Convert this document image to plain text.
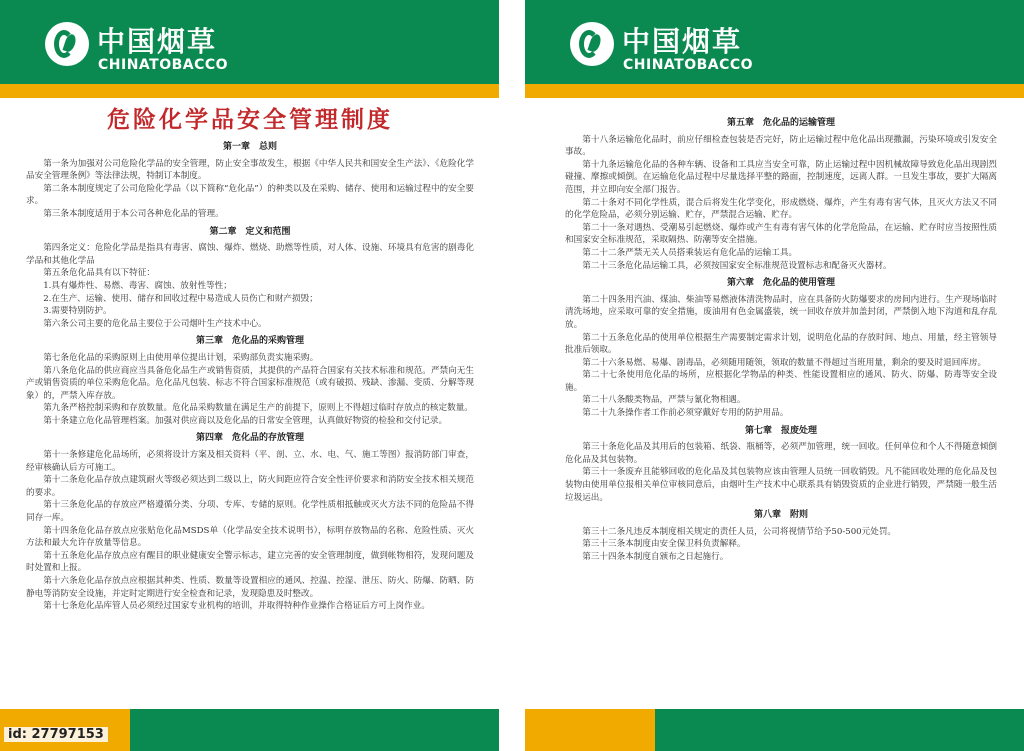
中国烟草
CHINATOBACCO
危险化学品安全管理制度
第一章　总则

第一条为加强对公司危险化学品的安全管理，防止安全事故发生，根据《中华人民共和国安全生产法》、《危险化学品安全管理条例》等法律法规，特制订本制度。

第二条本制度规定了公司危险化学品（以下简称“危化品”）的种类以及在采购、储存、使用和运输过程中的安全要求。

第三条本制度适用于本公司各种危化品的管理。

第二章　定义和范围

第四条定义：危险化学品是指具有毒害、腐蚀、爆炸、燃烧、助燃等性质，对人体、设施、环境具有危害的剧毒化学品和其他化学品

第五条危化品具有以下特征：

1.具有爆炸性、易燃、毒害、腐蚀、放射性等性；

2.在生产、运输、使用、储存和回收过程中易造成人员伤亡和财产损毁；

3.需要特别防护。

第六条公司主要的危化品主要位于公司烟叶生产技术中心。

第三章　危化品的采购管理

第七条危化品的采购原则上由使用单位提出计划，采购部负责实施采购。

第八条危化品的供应商应当具备危化品生产或销售资质，其提供的产品符合国家有关技术标准和规范。严禁向无生产或销售资质的单位采购危化品。危化品凡包装、标志不符合国家标准规范（或有破损、残缺、渗漏、变质、分解等现象）的，严禁入库存放。

第九条严格控制采购和存放数量。危化品采购数量在满足生产的前提下，原则上不得超过临时存放点的核定数量。

第十条建立危化品管理档案。加强对供应商以及危化品的日常安全管理，认真做好物资的检验和交付记录。

第四章　危化品的存放管理

第十一条修建危化品场所，必须将设计方案及相关资料（平、剖、立、水、电、气、施工等图）报消防部门审查，经审核确认后方可施工。

第十二条危化品存放点建筑耐火等级必须达到二级以上，防火间距应符合安全性评价要求和消防安全技术相关规范的要求。

第十三条危化品的存放应严格遵循分类、分项、专库、专储的原则。化学性质相抵触或灭火方法不同的危险品不得同存一库。

第十四条危化品存放点应张贴危化品MSDS单（化学品安全技术说明书），标明存放物品的名称、危险性质、灭火方法和最大允许存放量等信息。

第十五条危化品存放点应有醒目的职业健康安全警示标志，建立完善的安全管理制度，做到帐物相符，发现问题及时处置和上报。

第十六条危化品存放点应根据其种类、性质、数量等设置相应的通风、控温、控湿、泄压、防火、防爆、防晒、防静电等消防安全设施，并定时定期进行安全检查和记录，发现隐患及时整改。

第十七条危化品库管人员必须经过国家专业机构的培训，并取得特种作业操作合格证后方可上岗作业。

id: 27797153
中国烟草
CHINATOBACCO
第五章　危化品的运输管理

第十八条运输危化品时，前应仔细检查包装是否完好，防止运输过程中危化品出现撒漏，污染环境或引发安全事故。

第十九条运输危化品的各种车辆、设备和工具应当安全可靠，防止运输过程中因机械故障导致危化品出现剧烈碰撞、摩擦或倾倒。在运输危化品过程中尽量选择平整的路面，控制速度，远离人群。一旦发生事故，要扩大隔离范围，并立即向安全部门报告。

第二十条对不同化学性质，混合后将发生化学变化，形成燃烧、爆炸，产生有毒有害气体，且灭火方法又不同的化学危险品，必须分别运输、贮存，严禁混合运输、贮存。

第二十一条对遇热、受潮易引起燃烧、爆炸或产生有毒有害气体的化学危险品，在运输、贮存时应当按照性质和国家安全标准规范，采取隔热、防潮等安全措施。

第二十二条严禁无关人员搭乘装运有危化品的运输工具。

第二十三条危化品运输工具，必须按国家安全标准规范设置标志和配备灭火器材。

第六章　危化品的使用管理

第二十四条用汽油、煤油、柴油等易燃液体清洗物品时，应在具备防火防爆要求的房间内进行。生产现场临时清洗场地，应采取可靠的安全措施，废油用有色金属盛装，统一回收存放并加盖封闭，严禁倒入地下沟道和乱存乱放。

第二十五条危化品的使用单位根据生产需要制定需求计划，说明危化品的存放时间、地点、用量，经主管领导批准后领取。

第二十六条易燃、易爆、剧毒品，必须随用随领，领取的数量不得超过当班用量，剩余的要及时退回库房。

第二十七条使用危化品的场所，应根据化学物品的种类、性能设置相应的通风、防火、防爆、防毒等安全设施。

第二十八条酸类物品，严禁与氰化物相遇。

第二十九条操作者工作前必须穿戴好专用的防护用品。

第七章　报废处理

第三十条危化品及其用后的包装箱、纸袋、瓶桶等，必须严加管理，统一回收。任何单位和个人不得随意倾倒危化品及其包装物。

第三十一条废弃且能够回收的危化品及其包装物应该由管理人员统一回收销毁。凡不能回收处理的危化品及包装物由使用单位报相关单位审核同意后，由烟叶生产技术中心联系具有销毁资质的企业进行销毁，严禁随一般生活垃圾运出。

第八章　附则

第三十二条凡违反本制度相关规定的责任人员，公司将视情节给予50-500元处罚。

第三十三条本制度由安全保卫科负责解释。

第三十四条本制度自颁布之日起施行。
